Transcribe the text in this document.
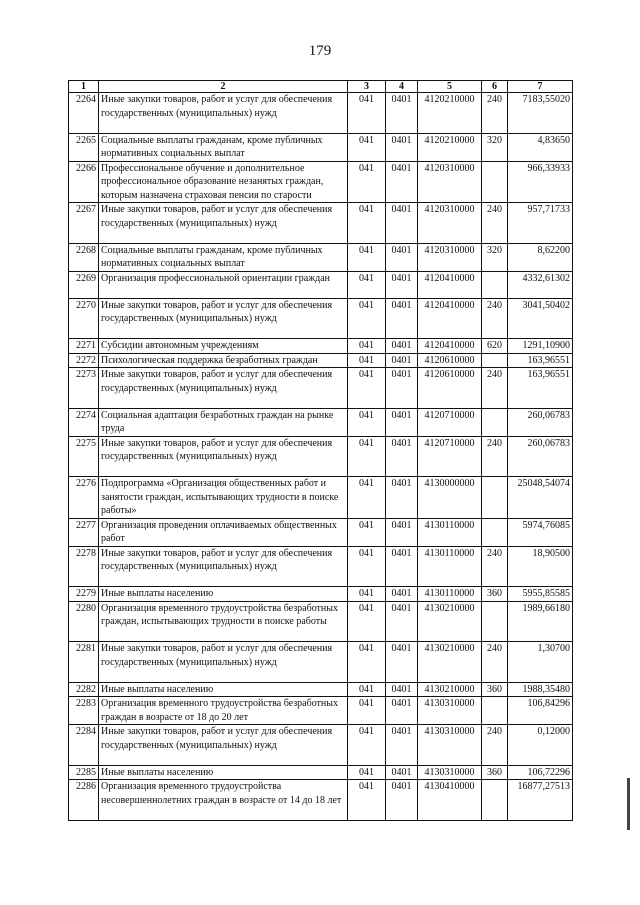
179
1	2	3	4	5	6	7
2264	Иные закупки товаров, работ и услуг для обеспечения государственных (муниципальных) нужд	041	0401	4120210000	240	7183,55020
2265	Социальные выплаты гражданам, кроме публичных нормативных социальных выплат	041	0401	4120210000	320	4,83650
2266	Профессиональное обучение и дополнительное профессиональное образование незанятых граждан, которым назначена страховая пенсия по старости	041	0401	4120310000		966,33933
2267	Иные закупки товаров, работ и услуг для обеспечения государственных (муниципальных) нужд	041	0401	4120310000	240	957,71733
2268	Социальные выплаты гражданам, кроме публичных нормативных социальных выплат	041	0401	4120310000	320	8,62200
2269	Организация профессиональной ориентации граждан	041	0401	4120410000		4332,61302
2270	Иные закупки товаров, работ и услуг для обеспечения государственных (муниципальных) нужд	041	0401	4120410000	240	3041,50402
2271	Субсидии автономным учреждениям	041	0401	4120410000	620	1291,10900
2272	Психологическая поддержка безработных граждан	041	0401	4120610000		163,96551
2273	Иные закупки товаров, работ и услуг для обеспечения государственных (муниципальных) нужд	041	0401	4120610000	240	163,96551
2274	Социальная адаптация безработных граждан на рынке труда	041	0401	4120710000		260,06783
2275	Иные закупки товаров, работ и услуг для обеспечения государственных (муниципальных) нужд	041	0401	4120710000	240	260,06783
2276	Подпрограмма «Организация общественных работ и занятости граждан, испытывающих трудности в поиске работы»	041	0401	4130000000		25048,54074
2277	Организация проведения оплачиваемых общественных работ	041	0401	4130110000		5974,76085
2278	Иные закупки товаров, работ и услуг для обеспечения государственных (муниципальных) нужд	041	0401	4130110000	240	18,90500
2279	Иные выплаты населению	041	0401	4130110000	360	5955,85585
2280	Организация временного трудоустройства безработных граждан, испытывающих трудности в поиске работы	041	0401	4130210000		1989,66180
2281	Иные закупки товаров, работ и услуг для обеспечения государственных (муниципальных) нужд	041	0401	4130210000	240	1,30700
2282	Иные выплаты населению	041	0401	4130210000	360	1988,35480
2283	Организация временного трудоустройства безработных граждан в возрасте от 18 до 20 лет	041	0401	4130310000		106,84296
2284	Иные закупки товаров, работ и услуг для обеспечения государственных (муниципальных) нужд	041	0401	4130310000	240	0,12000
2285	Иные выплаты населению	041	0401	4130310000	360	106,72296
2286	Организация временного трудоустройства несовершеннолетних граждан в возрасте от 14 до 18 лет	041	0401	4130410000		16877,27513
